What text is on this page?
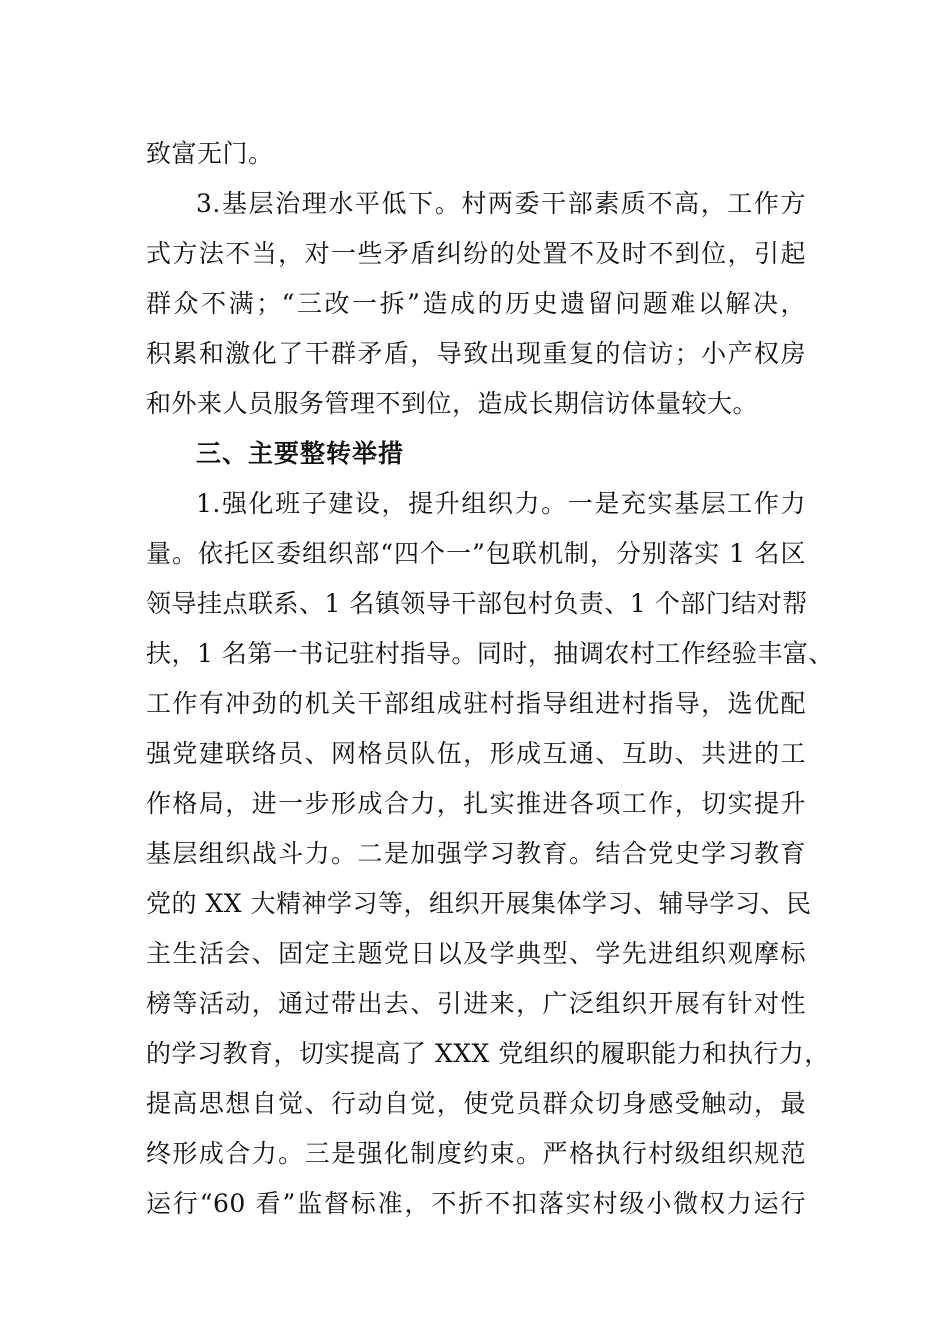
致富无门。
3.基层治理水平低下。村两委干部素质不高，工作方
式方法不当，对一些矛盾纠纷的处置不及时不到位，引起
群众不满；“三改一拆”造成的历史遗留问题难以解决，
积累和激化了干群矛盾，导致出现重复的信访；小产权房
和外来人员服务管理不到位，造成长期信访体量较大。
三、主要整转举措
1.强化班子建设，提升组织力。一是充实基层工作力
量。依托区委组织部“四个一”包联机制，分别落实 1 名区
领导挂点联系、1 名镇领导干部包村负责、1 个部门结对帮
扶，1 名第一书记驻村指导。同时，抽调农村工作经验丰富、
工作有冲劲的机关干部组成驻村指导组进村指导，选优配
强党建联络员、网格员队伍，形成互通、互助、共进的工
作格局，进一步形成合力，扎实推进各项工作，切实提升
基层组织战斗力。二是加强学习教育。结合党史学习教育
党的 XX 大精神学习等，组织开展集体学习、辅导学习、民
主生活会、固定主题党日以及学典型、学先进组织观摩标
榜等活动，通过带出去、引进来，广泛组织开展有针对性
的学习教育，切实提高了 XXX 党组织的履职能力和执行力，
提高思想自觉、行动自觉，使党员群众切身感受触动，最
终形成合力。三是强化制度约束。严格执行村级组织规范
运行“60 看”监督标准，不折不扣落实村级小微权力运行
